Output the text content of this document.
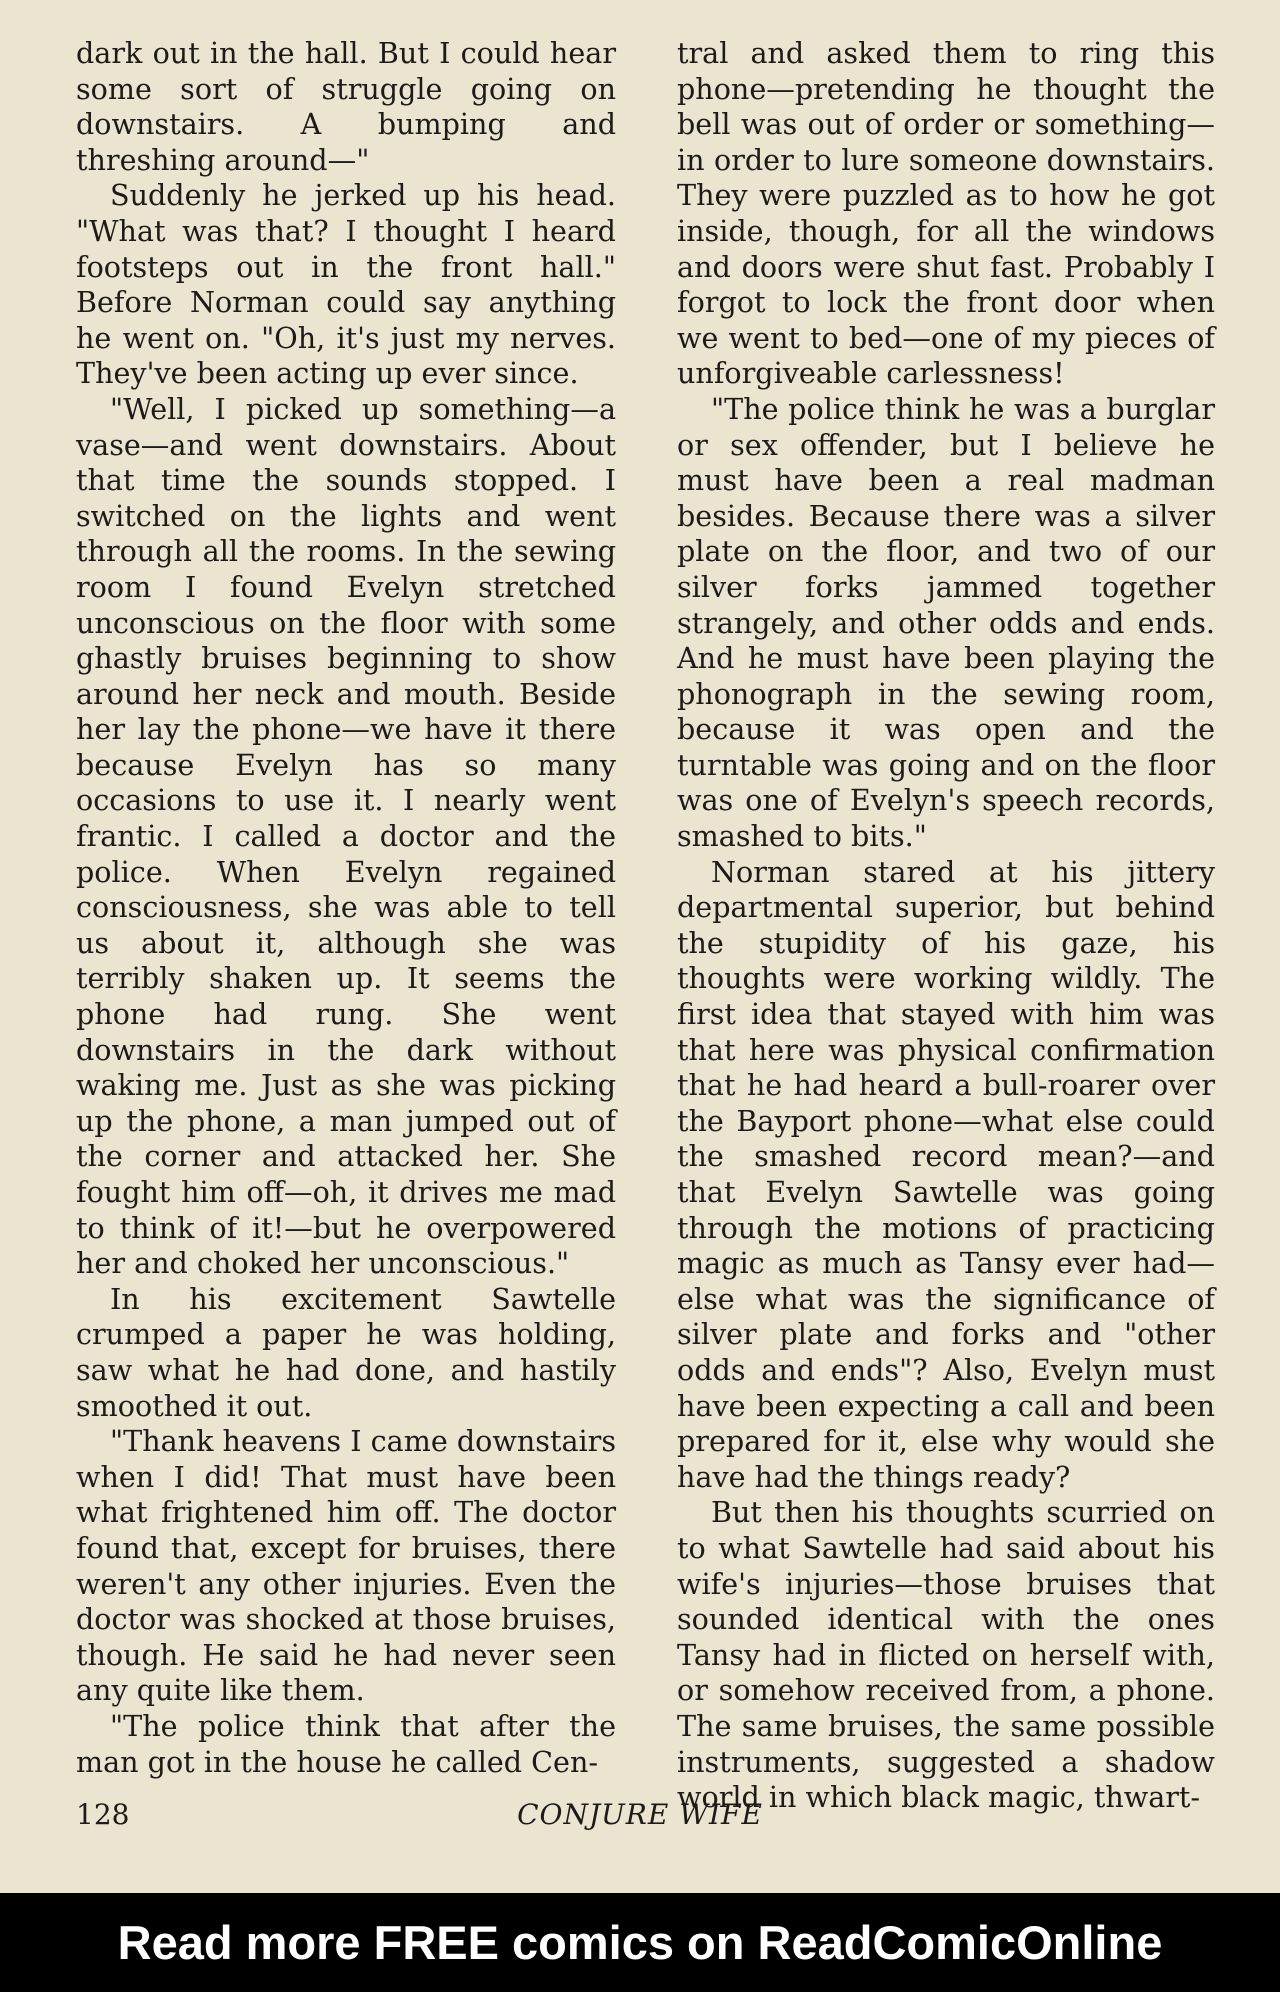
dark out in the hall. But I could hear some sort of struggle going on downstairs. A bumping and threshing around—"

Suddenly he jerked up his head. "What was that? I thought I heard footsteps out in the front hall." Before Norman could say anything he went on. "Oh, it's just my nerves. They've been acting up ever since.

"Well, I picked up something—a vase—and went downstairs. About that time the sounds stopped. I switched on the lights and went through all the rooms. In the sewing room I found Evelyn stretched unconscious on the floor with some ghastly bruises beginning to show around her neck and mouth. Beside her lay the phone—we have it there because Evelyn has so many occasions to use it. I nearly went frantic. I called a doctor and the police. When Evelyn regained consciousness, she was able to tell us about it, although she was terribly shaken up. It seems the phone had rung. She went downstairs in the dark without waking me. Just as she was picking up the phone, a man jumped out of the corner and attacked her. She fought him off—oh, it drives me mad to think of it!—but he overpowered her and choked her unconscious."

In his excitement Sawtelle crumped a paper he was holding, saw what he had done, and hastily smoothed it out.

"Thank heavens I came downstairs when I did! That must have been what frightened him off. The doctor found that, except for bruises, there weren't any other injuries. Even the doctor was shocked at those bruises, though. He said he had never seen any quite like them.

"The police think that after the man got in the house he called Cen-

tral and asked them to ring this phone—pretending he thought the bell was out of order or something—in order to lure someone downstairs. They were puzzled as to how he got inside, though, for all the windows and doors were shut fast. Probably I forgot to lock the front door when we went to bed—one of my pieces of unforgiveable carlessness!

"The police think he was a burglar or sex offender, but I believe he must have been a real madman besides. Because there was a silver plate on the floor, and two of our silver forks jammed together strangely, and other odds and ends. And he must have been playing the phonograph in the sewing room, because it was open and the turntable was going and on the floor was one of Evelyn's speech records, smashed to bits."

Norman stared at his jittery departmental superior, but behind the stupidity of his gaze, his thoughts were working wildly. The first idea that stayed with him was that here was physical confirmation that he had heard a bull-roarer over the Bayport phone—what else could the smashed record mean?—and that Evelyn Sawtelle was going through the motions of practicing magic as much as Tansy ever had—else what was the significance of silver plate and forks and "other odds and ends"? Also, Evelyn must have been expecting a call and been prepared for it, else why would she have had the things ready?

But then his thoughts scurried on to what Sawtelle had said about his wife's injuries—those bruises that sounded identical with the ones Tansy had in flicted on herself with, or somehow received from, a phone. The same bruises, the same possible instruments, suggested a shadow world in which black magic, thwart-

128	CONJURE WIFE
Read more FREE comics on ReadComicOnline
